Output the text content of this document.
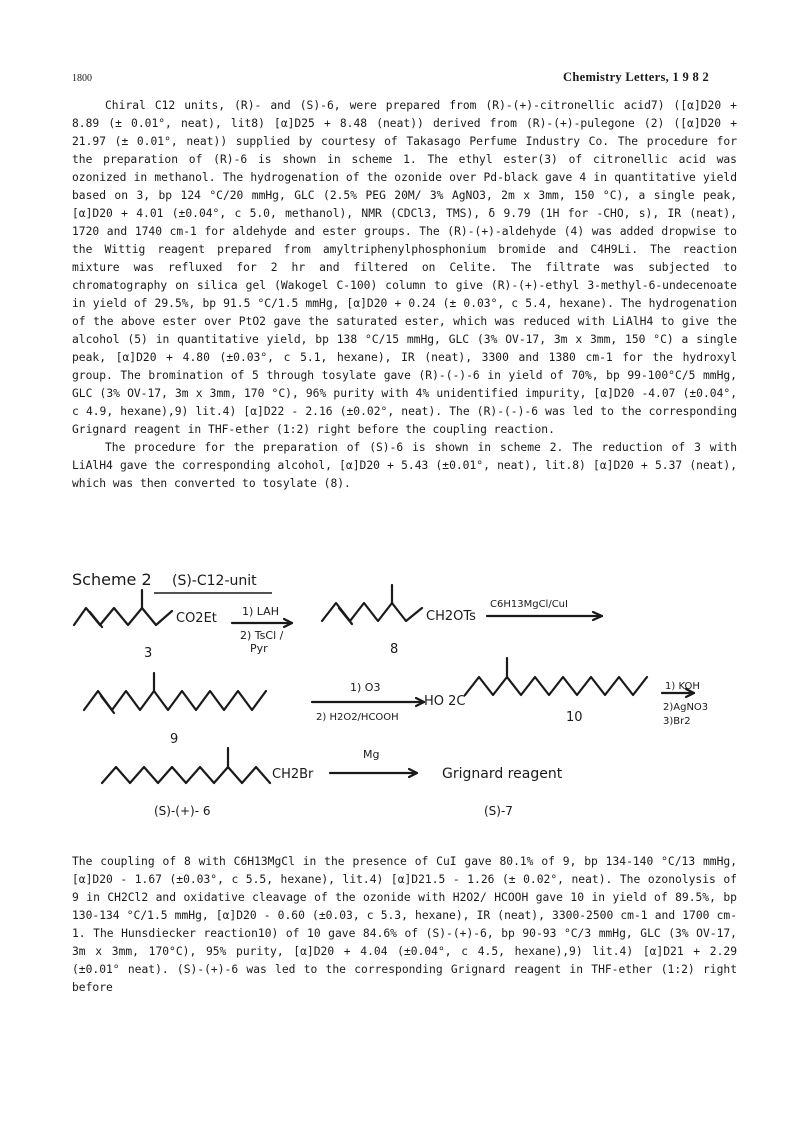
1800	Chemistry Letters, 1 9 8 2

Chiral C12 units, (R)- and (S)-6, were prepared from (R)-(+)-citronellic acid7) ([α]D20 + 8.89 (± 0.01°, neat), lit8) [α]D25 + 8.48 (neat)) derived from (R)-(+)-pulegone (2) ([α]D20 + 21.97 (± 0.01°, neat)) supplied by courtesy of Takasago Perfume Industry Co. The procedure for the preparation of (R)-6 is shown in scheme 1. The ethyl ester(3) of citronellic acid was ozonized in methanol. The hydrogenation of the ozonide over Pd-black gave 4 in quantitative yield based on 3, bp 124 °C/20 mmHg, GLC (2.5% PEG 20M/ 3% AgNO3, 2m x 3mm, 150 °C), a single peak, [α]D20 + 4.01 (±0.04°, c 5.0, methanol), NMR (CDCl3, TMS), δ 9.79 (1H for -CHO, s), IR (neat), 1720 and 1740 cm-1 for aldehyde and ester groups. The (R)-(+)-aldehyde (4) was added dropwise to the Wittig reagent prepared from amyltriphenylphosphonium bromide and C4H9Li. The reaction mixture was refluxed for 2 hr and filtered on Celite. The filtrate was subjected to chromatography on silica gel (Wakogel C-100) column to give (R)-(+)-ethyl 3-methyl-6-undecenoate in yield of 29.5%, bp 91.5 °C/1.5 mmHg, [α]D20 + 0.24 (± 0.03°, c 5.4, hexane). The hydrogenation of the above ester over PtO2 gave the saturated ester, which was reduced with LiAlH4 to give the alcohol (5) in quantitative yield, bp 138 °C/15 mmHg, GLC (3% OV-17, 3m x 3mm, 150 °C) a single peak, [α]D20 + 4.80 (±0.03°, c 5.1, hexane), IR (neat), 3300 and 1380 cm-1 for the hydroxyl group. The bromination of 5 through tosylate gave (R)-(-)-6 in yield of 70%, bp 99-100°C/5 mmHg, GLC (3% OV-17, 3m x 3mm, 170 °C), 96% purity with 4% unidentified impurity, [α]D20 -4.07 (±0.04°, c 4.9, hexane),9) lit.4) [α]D22 - 2.16 (±0.02°, neat). The (R)-(-)-6 was led to the corresponding Grignard reagent in THF-ether (1:2) right before the coupling reaction.

The procedure for the preparation of (S)-6 is shown in scheme 2. The reduction of 3 with LiAlH4 gave the corresponding alcohol, [α]D20 + 5.43 (±0.01°, neat), lit.8) [α]D20 + 5.37 (neat), which was then converted to tosylate (8).

Scheme 2 (S)-C12-unit
CO2Et
3
1) LAH
2) TsCl /
Pyr
CH2OTs
8
C6H13MgCl/CuI
9
1) O3
2) H2O2/HCOOH
HO 2C
10
1) KOH
2)AgNO3
3)Br2
CH2Br
(S)-(+)- 6
Mg
Grignard reagent
(S)-7

The coupling of 8 with C6H13MgCl in the presence of CuI gave 80.1% of 9, bp 134-140 °C/13 mmHg, [α]D20 - 1.67 (±0.03°, c 5.5, hexane), lit.4) [α]D21.5 - 1.26 (± 0.02°, neat). The ozonolysis of 9 in CH2Cl2 and oxidative cleavage of the ozonide with H2O2/ HCOOH gave 10 in yield of 89.5%, bp 130-134 °C/1.5 mmHg, [α]D20 - 0.60 (±0.03, c 5.3, hexane), IR (neat), 3300-2500 cm-1 and 1700 cm-1. The Hunsdiecker reaction10) of 10 gave 84.6% of (S)-(+)-6, bp 90-93 °C/3 mmHg, GLC (3% OV-17, 3m x 3mm, 170°C), 95% purity, [α]D20 + 4.04 (±0.04°, c 4.5, hexane),9) lit.4) [α]D21 + 2.29 (±0.01° neat). (S)-(+)-6 was led to the corresponding Grignard reagent in THF-ether (1:2) right before
